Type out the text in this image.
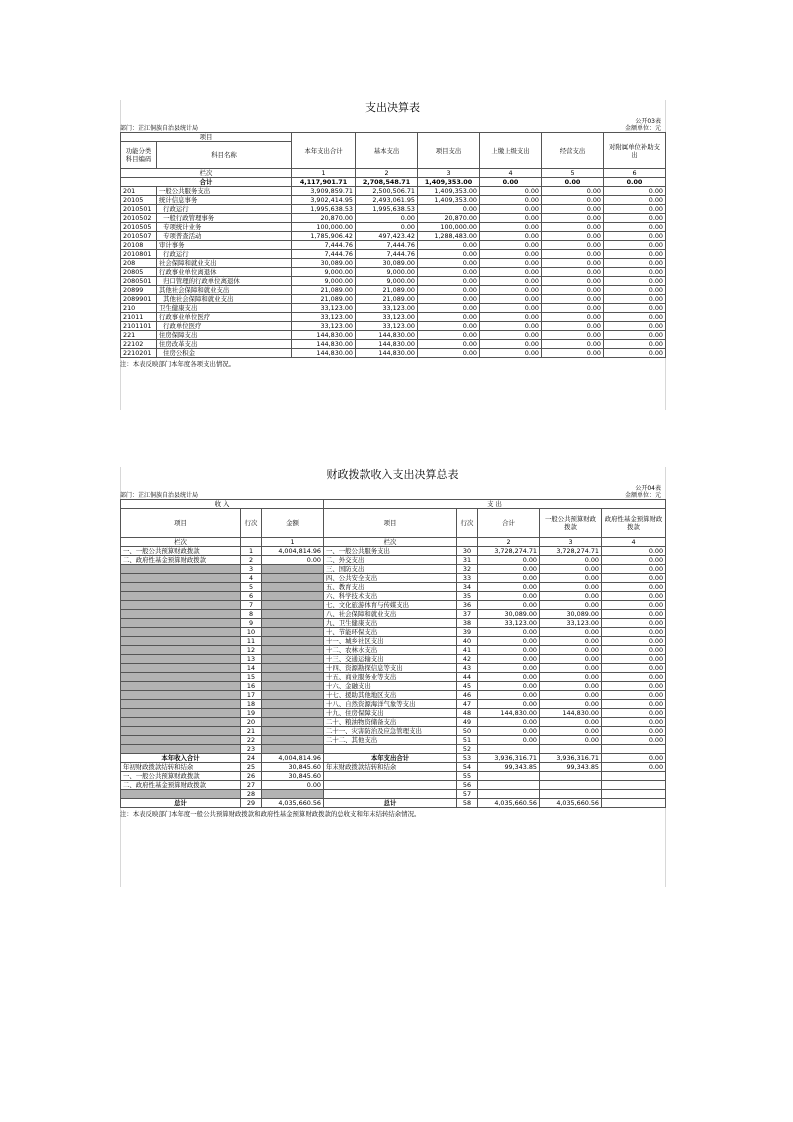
支出决算表
部门：芷江侗族自治县统计局
公开03表
金额单位：元
项目		本年支出合计	基本支出	项目支出	上缴上级支出	经营支出	对附属单位补助支出
功能分类科目编码	科目名称						
栏次		1	2	3	4	5	6
合计		4,117,901.71	2,708,548.71	1,409,353.00	0.00	0.00	0.00
201	一般公共服务支出	3,909,859.71	2,500,506.71	1,409,353.00	0.00	0.00	0.00
20105	统计信息事务	3,902,414.95	2,493,061.95	1,409,353.00	0.00	0.00	0.00
2010501	行政运行	1,995,638.53	1,995,638.53	0.00	0.00	0.00	0.00
2010502	一般行政管理事务	20,870.00	0.00	20,870.00	0.00	0.00	0.00
2010505	专项统计业务	100,000.00	0.00	100,000.00	0.00	0.00	0.00
2010507	专项普查活动	1,785,906.42	497,423.42	1,288,483.00	0.00	0.00	0.00
20108	审计事务	7,444.76	7,444.76	0.00	0.00	0.00	0.00
2010801	行政运行	7,444.76	7,444.76	0.00	0.00	0.00	0.00
208	社会保障和就业支出	30,089.00	30,089.00	0.00	0.00	0.00	0.00
20805	行政事业单位离退休	9,000.00	9,000.00	0.00	0.00	0.00	0.00
2080501	归口管理的行政单位离退休	9,000.00	9,000.00	0.00	0.00	0.00	0.00
20899	其他社会保障和就业支出	21,089.00	21,089.00	0.00	0.00	0.00	0.00
2089901	其他社会保障和就业支出	21,089.00	21,089.00	0.00	0.00	0.00	0.00
210	卫生健康支出	33,123.00	33,123.00	0.00	0.00	0.00	0.00
21011	行政事业单位医疗	33,123.00	33,123.00	0.00	0.00	0.00	0.00
2101101	行政单位医疗	33,123.00	33,123.00	0.00	0.00	0.00	0.00
221	住房保障支出	144,830.00	144,830.00	0.00	0.00	0.00	0.00
22102	住房改革支出	144,830.00	144,830.00	0.00	0.00	0.00	0.00
2210201	住房公积金	144,830.00	144,830.00	0.00	0.00	0.00	0.00
注：本表反映部门本年度各项支出情况。
财政拨款收入支出决算总表
部门：芷江侗族自治县统计局
公开04表
金额单位：元
收 入			支 出				
项目	行次	金额	项目	行次	合计	一般公共预算财政拨款	政府性基金预算财政拨款
栏次		1	栏次		2	3	4
一、一般公共预算财政拨款	1	4,004,814.96	一、一般公共服务支出	30	3,728,274.71	3,728,274.71	0.00
二、政府性基金预算财政拨款	2	0.00	二、外交支出	31	0.00	0.00	0.00
	3		三、国防支出	32	0.00	0.00	0.00
	4		四、公共安全支出	33	0.00	0.00	0.00
	5		五、教育支出	34	0.00	0.00	0.00
	6		六、科学技术支出	35	0.00	0.00	0.00
	7		七、文化旅游体育与传媒支出	36	0.00	0.00	0.00
	8		八、社会保障和就业支出	37	30,089.00	30,089.00	0.00
	9		九、卫生健康支出	38	33,123.00	33,123.00	0.00
	10		十、节能环保支出	39	0.00	0.00	0.00
	11		十一、城乡社区支出	40	0.00	0.00	0.00
	12		十二、农林水支出	41	0.00	0.00	0.00
	13		十三、交通运输支出	42	0.00	0.00	0.00
	14		十四、资源勘探信息等支出	43	0.00	0.00	0.00
	15		十五、商业服务业等支出	44	0.00	0.00	0.00
	16		十六、金融支出	45	0.00	0.00	0.00
	17		十七、援助其他地区支出	46	0.00	0.00	0.00
	18		十八、自然资源海洋气象等支出	47	0.00	0.00	0.00
	19		十九、住房保障支出	48	144,830.00	144,830.00	0.00
	20		二十、粮油物资储备支出	49	0.00	0.00	0.00
	21		二十一、灾害防治及应急管理支出	50	0.00	0.00	0.00
	22		二十二、其他支出	51	0.00	0.00	0.00
	23			52			
本年收入合计	24	4,004,814.96	本年支出合计	53	3,936,316.71	3,936,316.71	0.00
年初财政拨款结转和结余	25	30,845.60	年末财政拨款结转和结余	54	99,343.85	99,343.85	0.00
一、一般公共预算财政拨款	26	30,845.60		55			
二、政府性基金预算财政拨款	27	0.00		56			
	28			57			
总计	29	4,035,660.56	总计	58	4,035,660.56	4,035,660.56	
注：本表反映部门本年度一般公共预算财政拨款和政府性基金预算财政拨款的总收支和年末结转结余情况。
